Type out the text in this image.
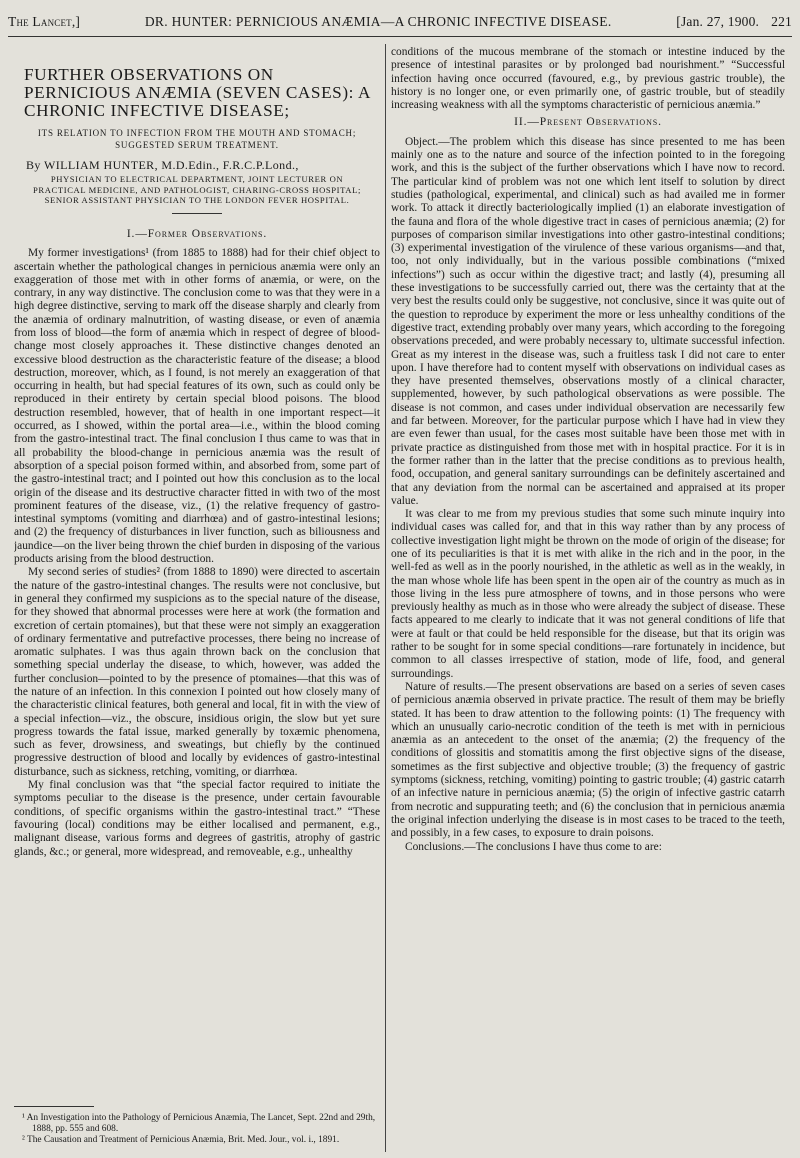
The Lancet,]	DR. HUNTER: PERNICIOUS ANÆMIA—A CHRONIC INFECTIVE DISEASE.	[Jan. 27, 1900. 221
FURTHER OBSERVATIONS ON PERNICIOUS ANÆMIA (SEVEN CASES): A CHRONIC INFECTIVE DISEASE;
ITS RELATION TO INFECTION FROM THE MOUTH AND STOMACH; SUGGESTED SERUM TREATMENT.
By WILLIAM HUNTER, M.D.Edin., F.R.C.P.Lond.,
PHYSICIAN TO ELECTRICAL DEPARTMENT, JOINT LECTURER ON PRACTICAL MEDICINE, AND PATHOLOGIST, CHARING-CROSS HOSPITAL; SENIOR ASSISTANT PHYSICIAN TO THE LONDON FEVER HOSPITAL.
I.—Former Observations.

My former investigations¹ (from 1885 to 1888) had for their chief object to ascertain whether the pathological changes in pernicious anæmia were only an exaggeration of those met with in other forms of anæmia, or were, on the contrary, in any way distinctive. The conclusion come to was that they were in a high degree distinctive, serving to mark off the disease sharply and clearly from the anæmia of ordinary malnutrition, of wasting disease, or even of anæmia from loss of blood—the form of anæmia which in respect of degree of blood-change most closely approaches it. These distinctive changes denoted an excessive blood destruction as the characteristic feature of the disease; a blood destruction, moreover, which, as I found, is not merely an exaggeration of that occurring in health, but had special features of its own, such as could only be reproduced in their entirety by certain special blood poisons. The blood destruction resembled, however, that of health in one important respect—it occurred, as I showed, within the portal area—i.e., within the blood coming from the gastro-intestinal tract. The final conclusion I thus came to was that in all probability the blood-change in pernicious anæmia was the result of absorption of a special poison formed within, and absorbed from, some part of the gastro-intestinal tract; and I pointed out how this conclusion as to the local origin of the disease and its destructive character fitted in with two of the most prominent features of the disease, viz., (1) the relative frequency of gastro-intestinal symptoms (vomiting and diarrhœa) and of gastro-intestinal lesions; and (2) the frequency of disturbances in liver function, such as biliousness and jaundice—on the liver being thrown the chief burden in disposing of the various products arising from the blood destruction.

My second series of studies² (from 1888 to 1890) were directed to ascertain the nature of the gastro-intestinal changes. The results were not conclusive, but in general they confirmed my suspicions as to the special nature of the disease, for they showed that abnormal processes were here at work (the formation and excretion of certain ptomaines), but that these were not simply an exaggeration of ordinary fermentative and putrefactive processes, there being no increase of aromatic sulphates. I was thus again thrown back on the conclusion that something special underlay the disease, to which, however, was added the further conclusion—pointed to by the presence of ptomaines—that this was of the nature of an infection. In this connexion I pointed out how closely many of the characteristic clinical features, both general and local, fit in with the view of a special infection—viz., the obscure, insidious origin, the slow but yet sure progress towards the fatal issue, marked generally by toxæmic phenomena, such as fever, drowsiness, and sweatings, but chiefly by the continued progressive destruction of blood and locally by evidences of gastro-intestinal disturbance, such as sickness, retching, vomiting, or diarrhœa.

My final conclusion was that “the special factor required to initiate the symptoms peculiar to the disease is the presence, under certain favourable conditions, of specific organisms within the gastro-intestinal tract.” “These favouring (local) conditions may be either localised and permanent, e.g., malignant disease, various forms and degrees of gastritis, atrophy of gastric glands, &c.; or general, more widespread, and removeable, e.g., unhealthy

¹ An Investigation into the Pathology of Pernicious Anæmia, The Lancet, Sept. 22nd and 29th, 1888, pp. 555 and 608.
² The Causation and Treatment of Pernicious Anæmia, Brit. Med. Jour., vol. i., 1891.

conditions of the mucous membrane of the stomach or intestine induced by the presence of intestinal parasites or by prolonged bad nourishment.” “Successful infection having once occurred (favoured, e.g., by previous gastric trouble), the history is no longer one, or even primarily one, of gastric trouble, but of steadily increasing weakness with all the symptoms characteristic of pernicious anæmia.”

II.—Present Observations.

Object.—The problem which this disease has since presented to me has been mainly one as to the nature and source of the infection pointed to in the foregoing work, and this is the subject of the further observations which I have now to record. The particular kind of problem was not one which lent itself to solution by direct studies (pathological, experimental, and clinical) such as had availed me in former work. To attack it directly bacteriologically implied (1) an elaborate investigation of the fauna and flora of the whole digestive tract in cases of pernicious anæmia; (2) for purposes of comparison similar investigations into other gastro-intestinal conditions; (3) experimental investigation of the virulence of these various organisms—and that, too, not only individually, but in the various possible combinations (“mixed infections”) such as occur within the digestive tract; and lastly (4), presuming all these investigations to be successfully carried out, there was the certainty that at the very best the results could only be suggestive, not conclusive, since it was quite out of the question to reproduce by experiment the more or less unhealthy conditions of the digestive tract, extending probably over many years, which according to the foregoing observations preceded, and were probably necessary to, ultimate successful infection. Great as my interest in the disease was, such a fruitless task I did not care to enter upon. I have therefore had to content myself with observations on individual cases as they have presented themselves, observations mostly of a clinical character, supplemented, however, by such pathological observations as were possible. The disease is not common, and cases under individual observation are necessarily few and far between. Moreover, for the particular purpose which I have had in view they are even fewer than usual, for the cases most suitable have been those met with in private practice as distinguished from those met with in hospital practice. For it is in the former rather than in the latter that the precise conditions as to previous health, food, occupation, and general sanitary surroundings can be definitely ascertained and that any deviation from the normal can be ascertained and appraised at its proper value.

It was clear to me from my previous studies that some such minute inquiry into individual cases was called for, and that in this way rather than by any process of collective investigation light might be thrown on the mode of origin of the disease; for one of its peculiarities is that it is met with alike in the rich and in the poor, in the well-fed as well as in the poorly nourished, in the athletic as well as in the weakly, in the man whose whole life has been spent in the open air of the country as much as in those living in the less pure atmosphere of towns, and in those persons who were previously healthy as much as in those who were already the subject of disease. These facts appeared to me clearly to indicate that it was not general conditions of life that were at fault or that could be held responsible for the disease, but that its origin was rather to be sought for in some special conditions—rare fortunately in incidence, but common to all classes irrespective of station, mode of life, food, and general surroundings.

Nature of results.—The present observations are based on a series of seven cases of pernicious anæmia observed in private practice. The result of them may be briefly stated. It has been to draw attention to the following points: (1) The frequency with which an unusually cario-necrotic condition of the teeth is met with in pernicious anæmia as an antecedent to the onset of the anæmia; (2) the frequency of the conditions of glossitis and stomatitis among the first objective signs of the disease, sometimes as the first subjective and objective trouble; (3) the frequency of gastric symptoms (sickness, retching, vomiting) pointing to gastric trouble; (4) gastric catarrh of an infective nature in pernicious anæmia; (5) the origin of infective gastric catarrh from necrotic and suppurating teeth; and (6) the conclusion that in pernicious anæmia the original infection underlying the disease is in most cases to be traced to the teeth, and possibly, in a few cases, to exposure to drain poisons.

Conclusions.—The conclusions I have thus come to are:
